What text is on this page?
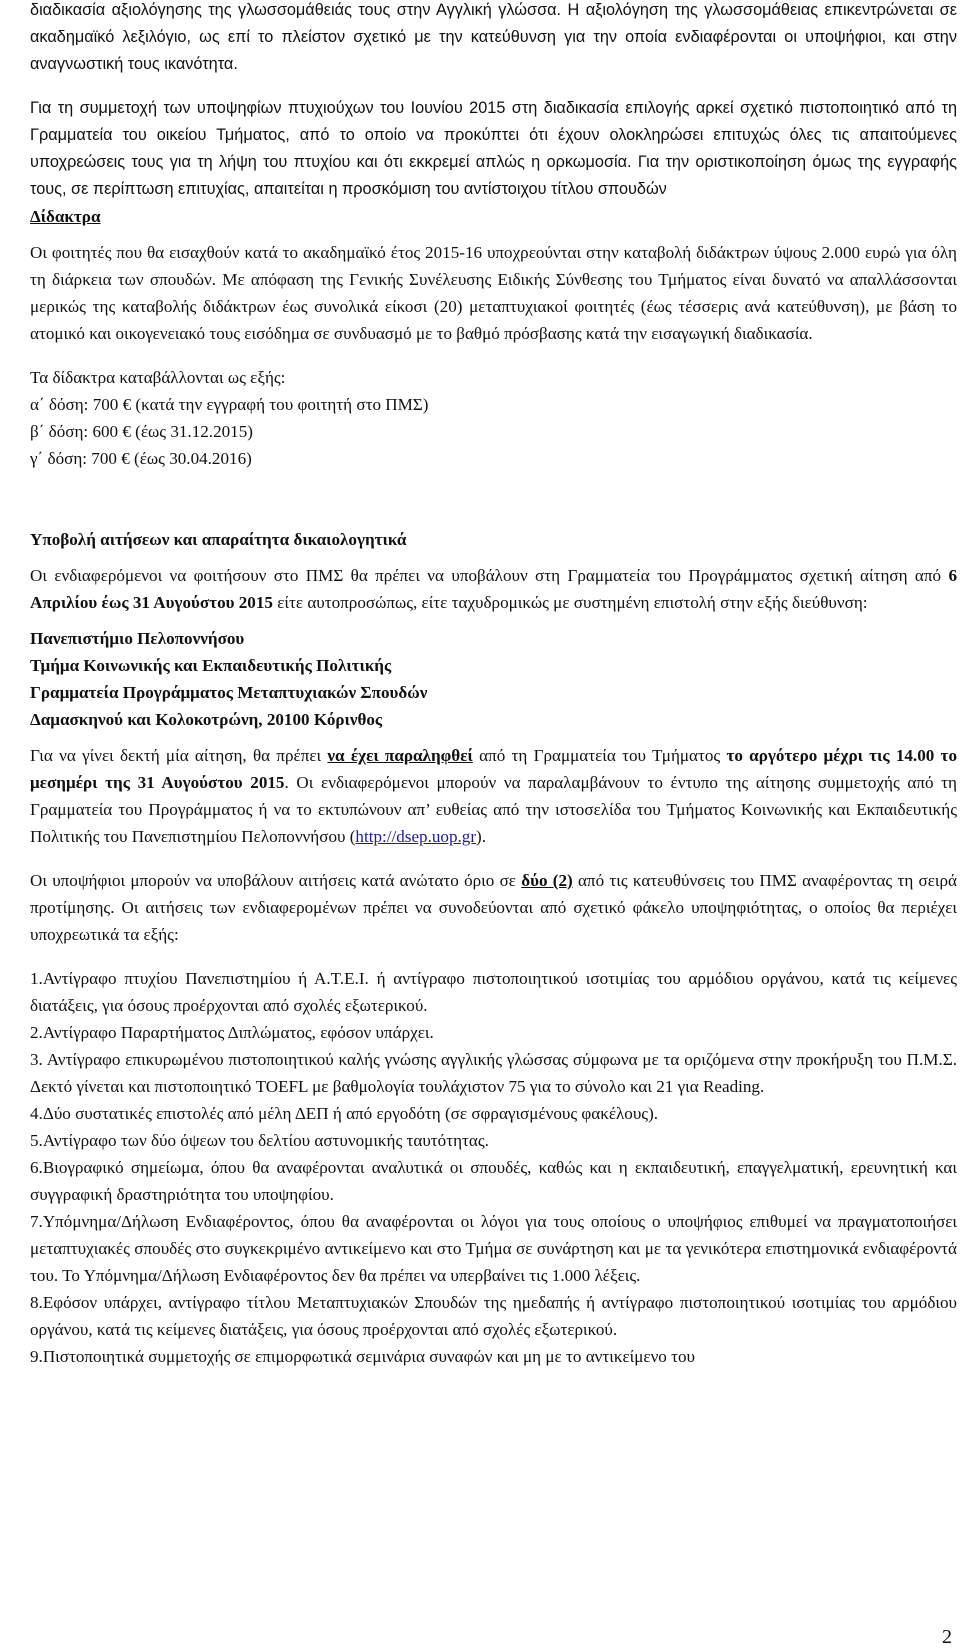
διαδικασία αξιολόγησης της γλωσσομάθειάς τους στην Αγγλική γλώσσα. Η αξιολόγηση της γλωσσομάθειας επικεντρώνεται σε ακαδημαϊκό λεξιλόγιο, ως επί το πλείστον σχετικό με την κατεύθυνση για την οποία ενδιαφέρονται οι υποψήφιοι, και στην αναγνωστική τους ικανότητα.

Για τη συμμετοχή των υποψηφίων πτυχιούχων του Ιουνίου 2015 στη διαδικασία επιλογής αρκεί σχετικό πιστοποιητικό από τη Γραμματεία του οικείου Τμήματος, από το οποίο να προκύπτει ότι έχουν ολοκληρώσει επιτυχώς όλες τις απαιτούμενες υποχρεώσεις τους για τη λήψη του πτυχίου και ότι εκκρεμεί απλώς η ορκωμοσία. Για την οριστικοποίηση όμως της εγγραφής τους, σε περίπτωση επιτυχίας, απαιτείται η προσκόμιση του αντίστοιχου τίτλου σπουδών

Δίδακτρα

Οι φοιτητές που θα εισαχθούν κατά το ακαδημαϊκό έτος 2015-16 υποχρεούνται στην καταβολή διδάκτρων ύψους 2.000 ευρώ για όλη τη διάρκεια των σπουδών. Με απόφαση της Γενικής Συνέλευσης Ειδικής Σύνθεσης του Τμήματος είναι δυνατό να απαλλάσσονται μερικώς της καταβολής διδάκτρων έως συνολικά είκοσι (20) μεταπτυχιακοί φοιτητές (έως τέσσερις ανά κατεύθυνση), με βάση το ατομικό και οικογενειακό τους εισόδημα σε συνδυασμό με το βαθμό πρόσβασης κατά την εισαγωγική διαδικασία.

Τα δίδακτρα καταβάλλονται ως εξής:

α΄ δόση: 700 € (κατά την εγγραφή του φοιτητή στο ΠΜΣ)

β΄ δόση: 600 € (έως 31.12.2015)

γ΄ δόση: 700 € (έως 30.04.2016)

Υποβολή αιτήσεων και απαραίτητα δικαιολογητικά

Οι ενδιαφερόμενοι να φοιτήσουν στο ΠΜΣ θα πρέπει να υποβάλουν στη Γραμματεία του Προγράμματος σχετική αίτηση από 6 Απριλίου έως 31 Αυγούστου 2015 είτε αυτοπροσώπως, είτε ταχυδρομικώς με συστημένη επιστολή στην εξής διεύθυνση:

Πανεπιστήμιο Πελοποννήσου

Τμήμα Κοινωνικής και Εκπαιδευτικής Πολιτικής

Γραμματεία Προγράμματος Μεταπτυχιακών Σπουδών

Δαμασκηνού και Κολοκοτρώνη, 20100 Κόρινθος

Για να γίνει δεκτή μία αίτηση, θα πρέπει να έχει παραληφθεί από τη Γραμματεία του Τμήματος το αργότερο μέχρι τις 14.00 το μεσημέρι της 31 Αυγούστου 2015. Οι ενδιαφερόμενοι μπορούν να παραλαμβάνουν το έντυπο της αίτησης συμμετοχής από τη Γραμματεία του Προγράμματος ή να το εκτυπώνουν απ’ ευθείας από την ιστοσελίδα του Τμήματος Κοινωνικής και Εκπαιδευτικής Πολιτικής του Πανεπιστημίου Πελοποννήσου (http://dsep.uop.gr).

Οι υποψήφιοι μπορούν να υποβάλουν αιτήσεις κατά ανώτατο όριο σε δύο (2) από τις κατευθύνσεις του ΠΜΣ αναφέροντας τη σειρά προτίμησης. Οι αιτήσεις των ενδιαφερομένων πρέπει να συνοδεύονται από σχετικό φάκελο υποψηφιότητας, ο οποίος θα περιέχει υποχρεωτικά τα εξής:

1.Αντίγραφο πτυχίου Πανεπιστημίου ή Α.Τ.Ε.Ι. ή αντίγραφο πιστοποιητικού ισοτιμίας του αρμόδιου οργάνου, κατά τις κείμενες διατάξεις, για όσους προέρχονται από σχολές εξωτερικού.

2.Αντίγραφο Παραρτήματος Διπλώματος, εφόσον υπάρχει.

3. Αντίγραφο επικυρωμένου πιστοποιητικού καλής γνώσης αγγλικής γλώσσας σύμφωνα με τα οριζόμενα στην προκήρυξη του Π.Μ.Σ. Δεκτό γίνεται και πιστοποιητικό TOEFL με βαθμολογία τουλάχιστον 75 για το σύνολο και 21 για Reading.

4.Δύο συστατικές επιστολές από μέλη ΔΕΠ ή από εργοδότη (σε σφραγισμένους φακέλους).

5.Αντίγραφο των δύο όψεων του δελτίου αστυνομικής ταυτότητας.

6.Βιογραφικό σημείωμα, όπου θα αναφέρονται αναλυτικά οι σπουδές, καθώς και η εκπαιδευτική, επαγγελματική, ερευνητική και συγγραφική δραστηριότητα του υποψηφίου.

7.Υπόμνημα/Δήλωση Ενδιαφέροντος, όπου θα αναφέρονται οι λόγοι για τους οποίους ο υποψήφιος επιθυμεί να πραγματοποιήσει μεταπτυχιακές σπουδές στο συγκεκριμένο αντικείμενο και στο Τμήμα σε συνάρτηση και με τα γενικότερα επιστημονικά ενδιαφέροντά του. Το Υπόμνημα/Δήλωση Ενδιαφέροντος δεν θα πρέπει να υπερβαίνει τις 1.000 λέξεις.

8.Εφόσον υπάρχει, αντίγραφο τίτλου Μεταπτυχιακών Σπουδών της ημεδαπής ή αντίγραφο πιστοποιητικού ισοτιμίας του αρμόδιου οργάνου, κατά τις κείμενες διατάξεις, για όσους προέρχονται από σχολές εξωτερικού.

9.Πιστοποιητικά συμμετοχής σε επιμορφωτικά σεμινάρια συναφών και μη με το αντικείμενο του

2
